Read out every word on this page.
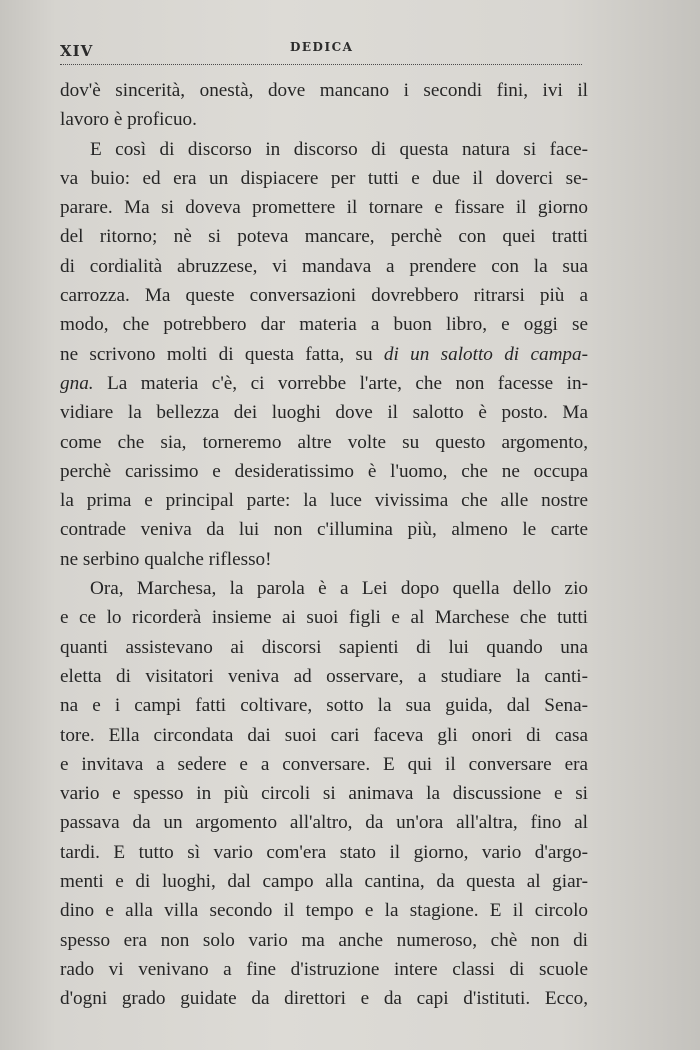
XIV	DEDICA
dov'è sincerità, onestà, dove mancano i secondi fini, ivi il
lavoro è proficuo.
E così di discorso in discorso di questa natura si face-
va buio: ed era un dispiacere per tutti e due il doverci se-
parare. Ma si doveva promettere il tornare e fissare il giorno
del ritorno; nè si poteva mancare, perchè con quei tratti
di cordialità abruzzese, vi mandava a prendere con la sua
carrozza. Ma queste conversazioni dovrebbero ritrarsi più a
modo, che potrebbero dar materia a buon libro, e oggi se
ne scrivono molti di questa fatta, su di un salotto di campa-
gna. La materia c'è, ci vorrebbe l'arte, che non facesse in-
vidiare la bellezza dei luoghi dove il salotto è posto. Ma
come che sia, torneremo altre volte su questo argomento,
perchè carissimo e desideratissimo è l'uomo, che ne occupa
la prima e principal parte: la luce vivissima che alle nostre
contrade veniva da lui non c'illumina più, almeno le carte
ne serbino qualche riflesso!
Ora, Marchesa, la parola è a Lei dopo quella dello zio
e ce lo ricorderà insieme ai suoi figli e al Marchese che tutti
quanti assistevano ai discorsi sapienti di lui quando una
eletta di visitatori veniva ad osservare, a studiare la canti-
na e i campi fatti coltivare, sotto la sua guida, dal Sena-
tore. Ella circondata dai suoi cari faceva gli onori di casa
e invitava a sedere e a conversare. E qui il conversare era
vario e spesso in più circoli si animava la discussione e si
passava da un argomento all'altro, da un'ora all'altra, fino al
tardi. E tutto sì vario com'era stato il giorno, vario d'argo-
menti e di luoghi, dal campo alla cantina, da questa al giar-
dino e alla villa secondo il tempo e la stagione. E il circolo
spesso era non solo vario ma anche numeroso, chè non di
rado vi venivano a fine d'istruzione intere classi di scuole
d'ogni grado guidate da direttori e da capi d'istituti. Ecco,
